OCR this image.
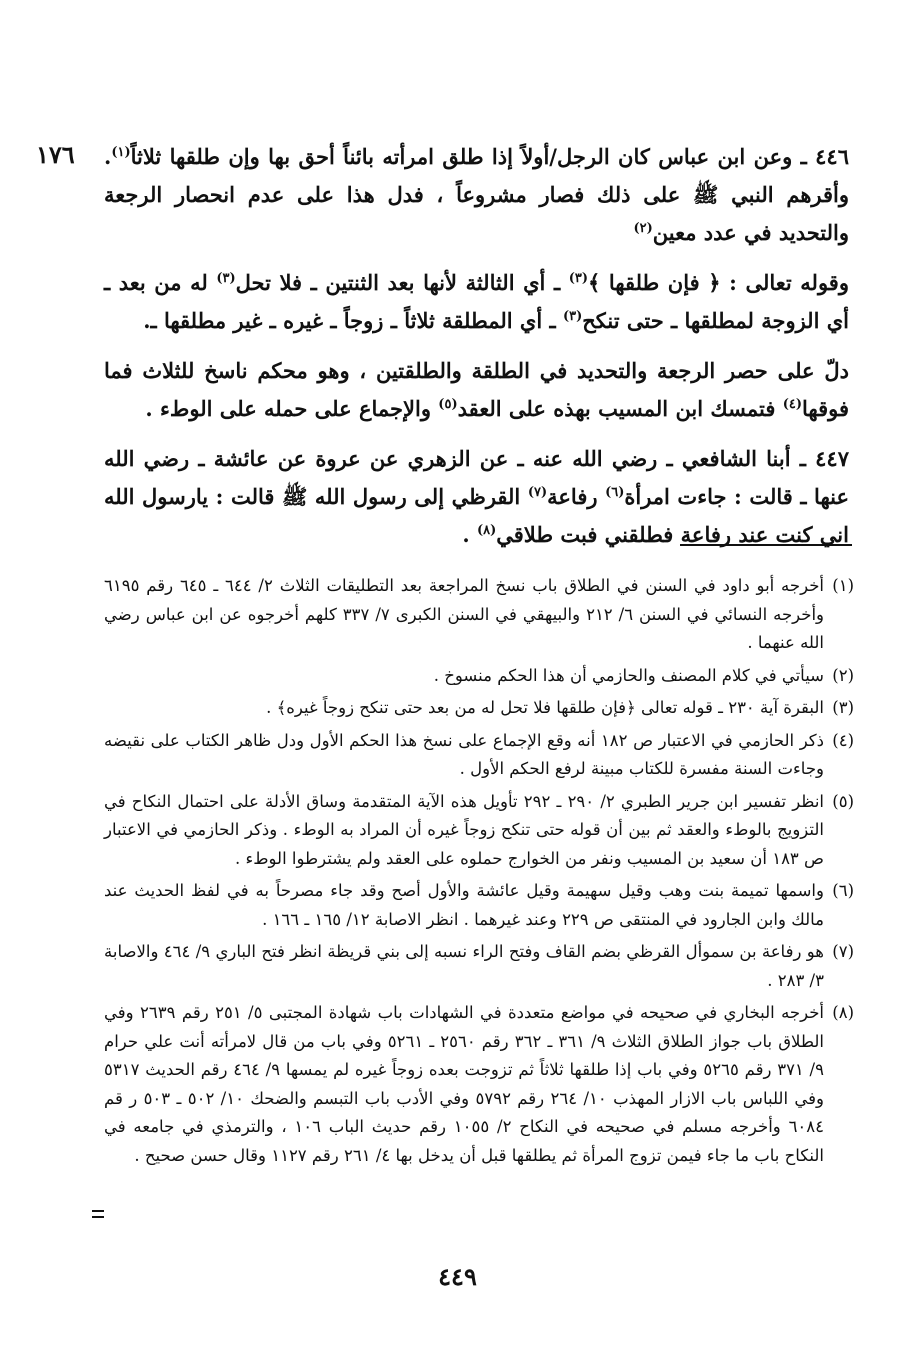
١٧٦	٤٤٦ ـ وعن ابن عباس كان الرجل/أولاً إذا طلق امرأته بائناً أحق بها وإن طلقها ثلاثاً$^{(١)}$. وأقرهم النبي ﷺ على ذلك فصار مشروعاً ، فدل هذا على عدم انحصار الرجعة والتحديد في عدد معين$^{(٢)}$

وقوله تعالى : ﴿ فإن طلقها ﴾$^{(٣)}$ ـ أي الثالثة لأنها بعد الثنتين ـ فلا تحل$^{(٣)}$ له من بعد ـ أي الزوجة لمطلقها ـ حتى تنكح$^{(٣)}$ ـ أي المطلقة ثلاثاً ـ زوجاً ـ غيره ـ غير مطلقها ـ.

دلّ على حصر الرجعة والتحديد في الطلقة والطلقتين ، وهو محكم ناسخ للثلاث فما فوقها$^{(٤)}$ فتمسك ابن المسيب بهذه على العقد$^{(٥)}$ والإجماع على حمله على الوطء .

٤٤٧ ـ أبنا الشافعي ـ رضي الله عنه ـ عن الزهري عن عروة عن عائشة ـ رضي الله عنها ـ قالت : جاءت امرأة$^{(٦)}$ رفاعة$^{(٧)}$ القرظي إلى رسول الله ﷺ قالت : يارسول الله اني كنت عند رفاعة فطلقني فبت طلاقي$^{(٨)}$ .

(١)
أخرجه أبو داود في السنن في الطلاق باب نسخ المراجعة بعد التطليقات الثلاث ٢/ ٦٤٤ ـ ٦٤٥ رقم ٦١٩٥ وأخرجه النسائي في السنن ٦/ ٢١٢ والبيهقي في السنن الكبرى ٧/ ٣٣٧ كلهم أخرجوه عن ابن عباس رضي الله عنهما .
(٢)
سيأتي في كلام المصنف والحازمي أن هذا الحكم منسوخ .
(٣)
البقرة آية ٢٣٠ ـ قوله تعالى ﴿فإن طلقها فلا تحل له من بعد حتى تنكح زوجاً غيره﴾ .
(٤)
ذكر الحازمي في الاعتبار ص ١٨٢ أنه وقع الإجماع على نسخ هذا الحكم الأول ودل ظاهر الكتاب على نقيضه وجاءت السنة مفسرة للكتاب مبينة لرفع الحكم الأول .
(٥)
انظر تفسير ابن جرير الطبري ٢/ ٢٩٠ ـ ٢٩٢ تأويل هذه الآية المتقدمة وساق الأدلة على احتمال النكاح في التزويج بالوطء والعقد ثم بين أن قوله حتى تنكح زوجاً غيره أن المراد به الوطء . وذكر الحازمي في الاعتبار ص ١٨٣ أن سعيد بن المسيب ونفر من الخوارج حملوه على العقد ولم يشترطوا الوطء .
(٦)
واسمها تميمة بنت وهب وقيل سهيمة وقيل عائشة والأول أصح وقد جاء مصرحاً به في لفظ الحديث عند مالك وابن الجارود في المنتقى ص ٢٢٩ وعند غيرهما . انظر الاصابة ١٢/ ١٦٥ ـ ١٦٦ .
(٧)
هو رفاعة بن سموأل القرظي بضم القاف وفتح الراء نسبه إلى بني قريظة انظر فتح الباري ٩/ ٤٦٤ والاصابة ٣/ ٢٨٣ .
(٨)
أخرجه البخاري في صحيحه في مواضع متعددة في الشهادات باب شهادة المجتبى ٥/ ٢٥١ رقم ٢٦٣٩ وفي الطلاق باب جواز الطلاق الثلاث ٩/ ٣٦١ ـ ٣٦٢ رقم ٢٥٦٠ ـ ٥٢٦١ وفي باب من قال لامرأته أنت علي حرام ٩/ ٣٧١ رقم ٥٢٦٥ وفي باب إذا طلقها ثلاثاً ثم تزوجت بعده زوجاً غيره لم يمسها ٩/ ٤٦٤ رقم الحديث ٥٣١٧ وفي اللباس باب الازار المهذب ١٠/ ٢٦٤ رقم ٥٧٩٢ وفي الأدب باب التبسم والضحك ١٠/ ٥٠٢ ـ ٥٠٣ ر قم ٦٠٨٤ وأخرجه مسلم في صحيحه في النكاح ٢/ ١٠٥٥ رقم حديث الباب ١٠٦ ، والترمذي في جامعه في النكاح باب ما جاء فيمن تزوج المرأة ثم يطلقها قبل أن يدخل بها ٤/ ٢٦١ رقم ١١٢٧ وقال حسن صحيح .
٤٤٩
